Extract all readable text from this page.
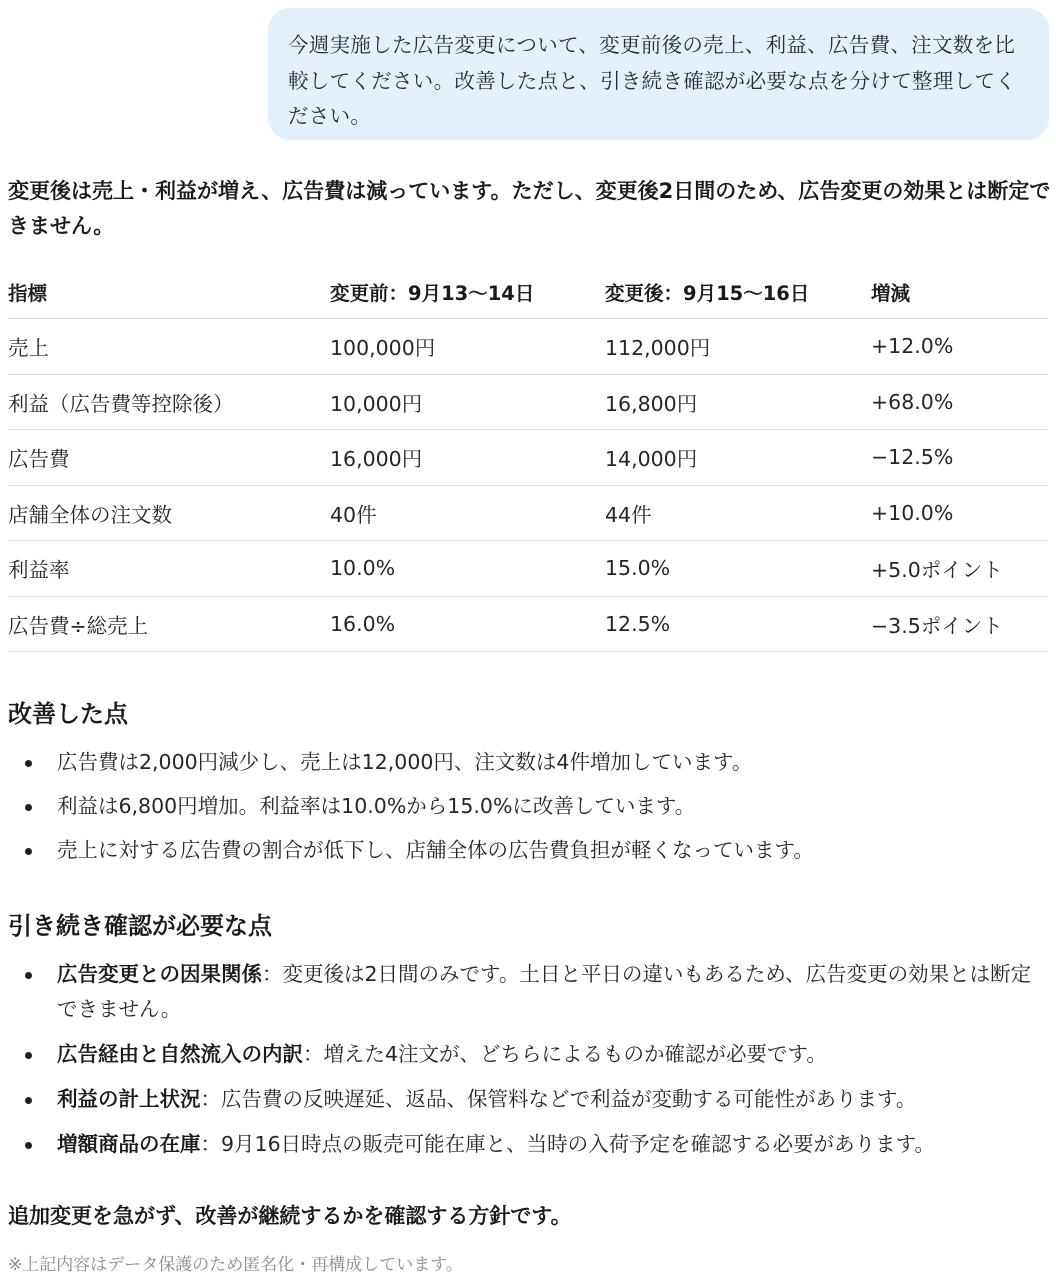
今週実施した広告変更について、変更前後の売上、利益、広告費、注文数を比較してください。改善した点と、引き続き確認が必要な点を分けて整理してください。

変更後は売上・利益が増え、広告費は減っています。ただし、変更後2日間のため、広告変更の効果とは断定できません。

指標	変更前：9月13〜14日	変更後：9月15〜16日	増減
売上	100,000円	112,000円	+12.0%
利益（広告費等控除後）	10,000円	16,800円	+68.0%
広告費	16,000円	14,000円	−12.5%
店舗全体の注文数	40件	44件	+10.0%
利益率	10.0%	15.0%	+5.0ポイント
広告費÷総売上	16.0%	12.5%	−3.5ポイント
改善した点
広告費は2,000円減少し、売上は12,000円、注文数は4件増加しています。
利益は6,800円増加。利益率は10.0%から15.0%に改善しています。
売上に対する広告費の割合が低下し、店舗全体の広告費負担が軽くなっています。
引き続き確認が必要な点
広告変更との因果関係：変更後は2日間のみです。土日と平日の違いもあるため、広告変更の効果とは断定できません。
広告経由と自然流入の内訳：増えた4注文が、どちらによるものか確認が必要です。
利益の計上状況：広告費の反映遅延、返品、保管料などで利益が変動する可能性があります。
増額商品の在庫：9月16日時点の販売可能在庫と、当時の入荷予定を確認する必要があります。

追加変更を急がず、改善が継続するかを確認する方針です。

※上記内容はデータ保護のため匿名化・再構成しています。
